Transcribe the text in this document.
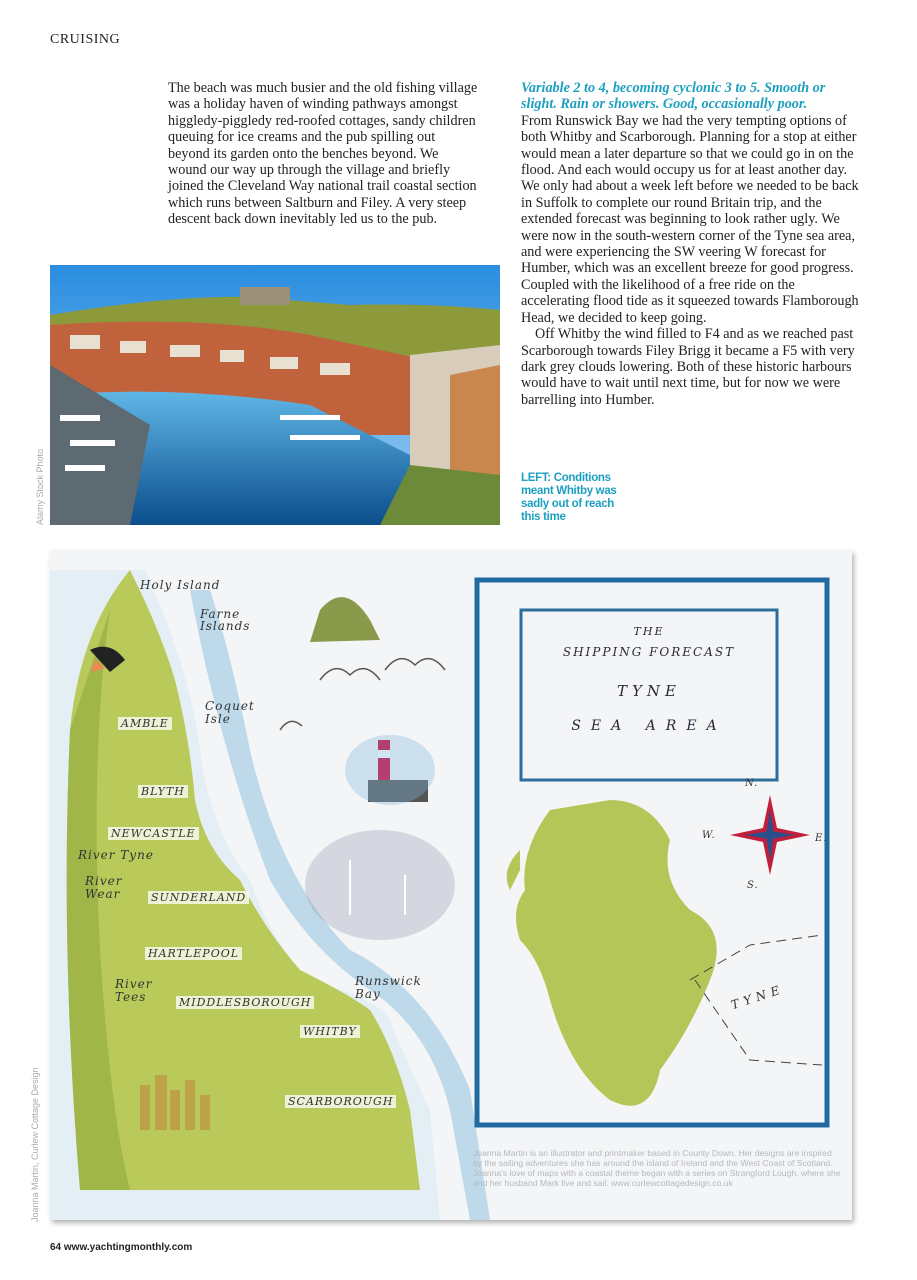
CRUISING

The beach was much busier and the old fishing village was a holiday haven of winding pathways amongst higgledy-piggledy red-roofed cottages, sandy children queuing for ice creams and the pub spilling out beyond its garden onto the benches beyond. We wound our way up through the village and briefly joined the Cleveland Way national trail coastal section which runs between Saltburn and Filey. A very steep descent back down inevitably led us to the pub.

Variable 2 to 4, becoming cyclonic 3 to 5. Smooth or slight. Rain or showers. Good, occasionally poor.

From Runswick Bay we had the very tempting options of both Whitby and Scarborough. Planning for a stop at either would mean a later departure so that we could go in on the flood. And each would occupy us for at least another day. We only had about a week left before we needed to be back in Suffolk to complete our round Britain trip, and the extended forecast was beginning to look rather ugly. We were now in the south-western corner of the Tyne sea area, and were experiencing the SW veering W forecast for Humber, which was an excellent breeze for good progress. Coupled with the likelihood of a free ride on the accelerating flood tide as it squeezed towards Flamborough Head, we decided to keep going.

Off Whitby the wind filled to F4 and as we reached past Scarborough towards Filey Brigg it became a F5 with very dark grey clouds lowering. Both of these historic harbours would have to wait until next time, but for now we were barrelling into Humber.

Alamy Stock Photo	LEFT: Conditions meant Whitby was sadly out of reach this time
Holy Island
Farne Islands
Coquet Isle
AMBLE
BLYTH
NEWCASTLE
River Tyne
River Wear	SUNDERLAND
HARTLEPOOL
River Tees	MIDDLESBOROUGH
Runswick Bay
WHITBY
SCARBOROUGH
THE
SHIPPING FORECAST
TYNE
SEA AREA
N.
W.	E.
S.
TYNE
Joanna Martin is an illustrator and printmaker based in County Down. Her designs are inspired by the sailing adventures she has around the island of Ireland and the West Coast of Scotland. Joanna's love of maps with a coastal theme began with a series on Strangford Lough, where she and her husband Mark live and sail. www.curlewcottagedesign.co.uk
Joanna Martin, Curlew Cottage Design
64 www.yachtingmonthly.com
